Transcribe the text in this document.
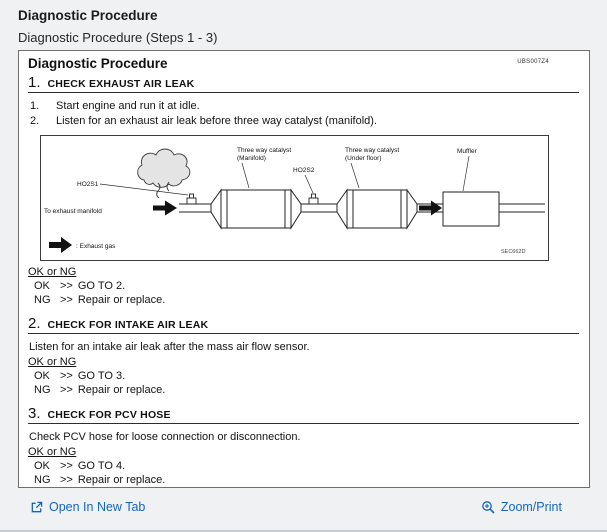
Diagnostic Procedure
Diagnostic Procedure (Steps 1 - 3)
Diagnostic Procedure	UBS007Z4
1. CHECK EXHAUST AIR LEAK
1.	Start engine and run it at idle.
2.	Listen for an exhaust air leak before three way catalyst (manifold).
HO2S1
To exhaust manifold
Three way catalyst
(Manifold)
HO2S2
Three way catalyst
(Under floor)
Muffler
: Exhaust gas
SEC662D
OK or NG
OK >> GO TO 2.
NG >> Repair or replace.
2. CHECK FOR INTAKE AIR LEAK
Listen for an intake air leak after the mass air flow sensor.
OK or NG
OK >> GO TO 3.
NG >> Repair or replace.
3. CHECK FOR PCV HOSE
Check PCV hose for loose connection or disconnection.
OK or NG
OK >> GO TO 4.
NG >> Repair or replace.
Open In New Tab	Zoom/Print
